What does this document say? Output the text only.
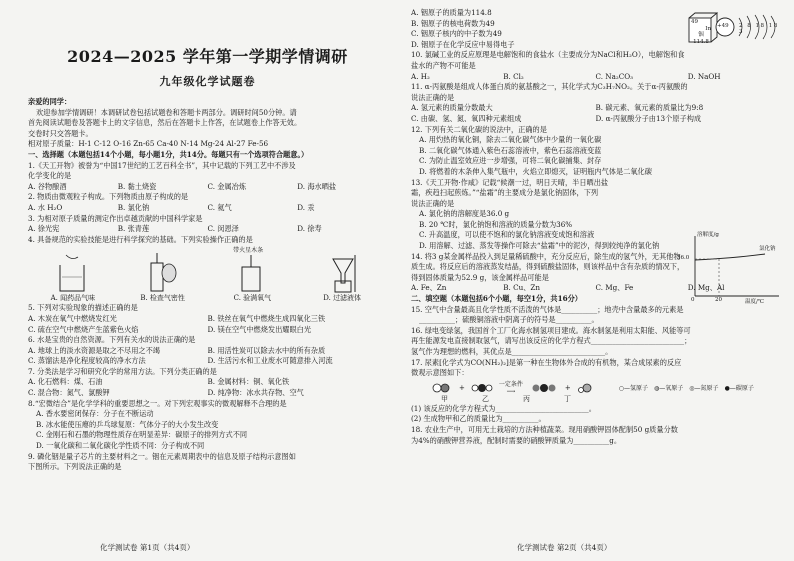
2024—2025 学年第一学期学情调研
九年级化学试题卷
亲爱的同学：
欢迎参加学情调研！本调研试卷包括试题卷和答题卡两部分。调研时间50分钟。请
首先阅读试题卷及答题卡上的文字信息，然后在答题卡上作答，在试题卷上作答无效。
交卷时只交答题卡。
相对原子质量：H-1 C-12 O-16 Zn-65 Ca-40 N-14 Mg-24 Al-27 Fe-56
一、选择题（本题包括14个小题，每小题1分，共14分。每题只有一个选项符合题意。）
1.《天工开物》被誉为“中国17世纪的工艺百科全书”，其中记载的下列工艺中不涉及
化学变化的是
A. 谷物酿酒	B. 黏土烧瓷	C. 金属冶炼	D. 海水晒盐
2. 物质由微观粒子构成。下列物质由原子构成的是
A. 水 H₂O	B. 氯化钠	C. 氦气	D. 汞
3. 为相对原子质量的测定作出卓越贡献的中国科学家是
A. 徐光宪	B. 张青莲	C. 闵恩泽	D. 徐寿
4. 具备规范的实验技能是进行科学探究的基础。下列实验操作正确的是
带火星木条
A. 闻药品气味	B. 检查气密性	C. 验满氧气	D. 过滤液体
5. 下列对实验现象的描述正确的是
A. 木炭在氧气中燃烧发红光	B. 铁丝在氧气中燃烧生成四氧化三铁
C. 硫在空气中燃烧产生蓝紫色火焰	D. 镁在空气中燃烧发出耀眼白光
6. 水是宝贵的自然资源。下列有关水的说法正确的是
A. 地球上的淡水资源是取之不尽用之不竭	B. 用活性炭可以除去水中的所有杂质
C. 蒸馏法是净化程度较高的净水方法	D. 生活污水和工业废水可随意排入河流
7. 分类法是学习和研究化学的常用方法。下列分类正确的是
A. 化石燃料：煤、石油	B. 金属材料：铜、氧化铁
C. 混合物：氮气、氯酸钾	D. 纯净物：冰水共存物、空气
8.“宏微结合”是化学学科的重要思想之一。对下列宏观事实的微观解释不合理的是
A. 香水要密闭保存：分子在不断运动
B. 冰水能使压瘪的乒乓球复原：气体分子的大小发生改变
C. 金刚石和石墨的物理性质存在明显差异：碳原子的排列方式不同
D. 一氧化碳和二氧化碳化学性质不同：分子构成不同
9. 磷化铟是量子芯片的主要材料之一。铟在元素周期表中的信息及原子结构示意图如
下图所示。下列说法正确的是
化学测试卷 第1页（共4页）
A. 铟原子的质量为114.8
B. 铟原子的核电荷数为49
C. 铟原子核内的中子数为49
D. 铟原子在化学反应中易得电子
10. 氯碱工业的反应原理是电解饱和的食盐水（主要成分为NaCl和H₂O），电解饱和食
盐水的产物不可能是
A. H₂	B. Cl₂	C. Na₂CO₃	D. NaOH
11. α-丙氨酸是组成人体蛋白质的氨基酸之一，其化学式为C₃H₇NO₂。关于α-丙氨酸的
说法正确的是
A. 氢元素的质量分数最大	B. 碳元素、氧元素的质量比为9:8
C. 由碳、氢、氮、氧四种元素组成	D. α-丙氨酸分子由13个原子构成
12. 下列有关二氧化碳的说法中，正确的是
A. 用灼热的氧化铜，除去二氧化碳气体中少量的一氧化碳
B. 二氧化碳气体通入紫色石蕊溶液中，紫色石蕊溶液变蓝
C. 为防止温室效应进一步增强，可将二氧化碳捕集、封存
D. 将燃着的木条伸入集气瓶中，火焰立即熄灭，证明瓶内气体是二氧化碳
13.《天工开物·作咸》记载“候潮一过，明日天晴，半日晒出盐
霜，疾趋扫起煎炼。”“盐霜”的主要成分是氯化钠固体，下列
说法正确的是
A. 氯化钠的溶解度是36.0 g
B. 20 ℃时，氯化钠饱和溶液的质量分数为36%
C. 升高温度，可以使不饱和的氯化钠溶液变成饱和溶液
D. 用溶解、过滤、蒸发等操作可除去“盐霜”中的泥沙，得到较纯净的氯化钠
14. 将3 g某金属样品投入到足量稀硫酸中，充分反应后，除生成的氢气外，无其他物
质生成。将反应后的溶液蒸发结晶，得到硫酸盐固体，则该样品中含有杂质的情况下，
得到固体质量为52.9 g，该金属样品可能是
A. Fe、Zn	B. Cu、Zn	C. Mg、Fe	D. Mg、Al
二、填空题（本题包括6个小题，每空1分，共16分）
15. 空气中含量最高且化学性质不活泼的气体是__________；地壳中含量最多的元素是
__________；硫酸铜溶液中阴离子的符号是__________。
16. 绿电变绿氢，我国首个工厂化海水制氢项目建成。海水制氢是利用太阳能、风能等可
再生能源发电直接制取氢气，请写出该反应的化学方程式__________________________；
氢气作为理想的燃料，其优点是__________________________。
17. 尿素[化学式为CO(NH₂)₂]是第一种在生物体外合成的有机物，某合成尿素的反应
微观示意图如下：
+	一定条件
⟶	+	○—氢原子 ◍—氧原子 ◎—氮原子 ●—碳原子
甲	乙	丙	丁
(1) 该反应的化学方程式为__________________________。
(2) 生成物甲和乙的质量比为__________。
18. 农业生产中，可用无土栽培的方法种植蔬菜。现用硝酸钾固体配制50 g质量分数
为4%的硝酸钾营养液，配制时需要的硝酸钾质量为__________g。
化学测试卷 第2页（共4页）
49
In
铟
114.8
+49 2 8 18 18 3
溶解度/g
36.0
氯化钠
0	20	温度/℃
